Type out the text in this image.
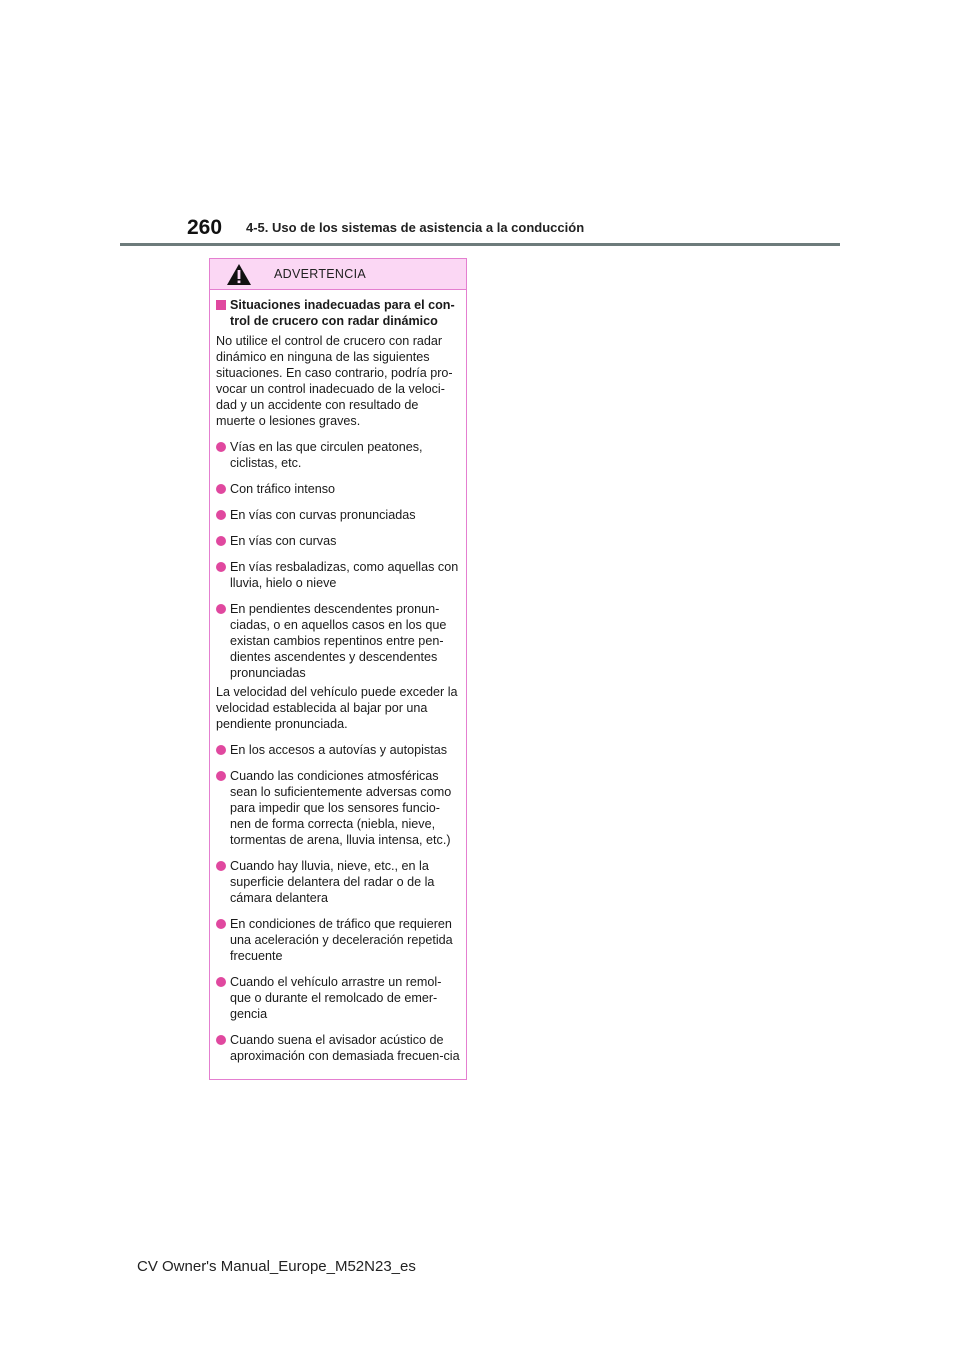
260 4-5. Uso de los sistemas de asistencia a la conducción
ADVERTENCIA
Situaciones inadecuadas para el con-trol de crucero con radar dinámico
No utilice el control de crucero con radar dinámico en ninguna de las siguientes situaciones. En caso contrario, podría pro-vocar un control inadecuado de la veloci-dad y un accidente con resultado de muerte o lesiones graves.
Vías en las que circulen peatones, ciclistas, etc.
Con tráfico intenso
En vías con curvas pronunciadas
En vías con curvas
En vías resbaladizas, como aquellas con lluvia, hielo o nieve
En pendientes descendentes pronun-ciadas, o en aquellos casos en los que existan cambios repentinos entre pen-dientes ascendentes y descendentes pronunciadas
La velocidad del vehículo puede exceder la velocidad establecida al bajar por una pendiente pronunciada.
En los accesos a autovías y autopistas
Cuando las condiciones atmosféricas sean lo suficientemente adversas como para impedir que los sensores funcio-nen de forma correcta (niebla, nieve, tormentas de arena, lluvia intensa, etc.)
Cuando hay lluvia, nieve, etc., en la superficie delantera del radar o de la cámara delantera
En condiciones de tráfico que requieren una aceleración y deceleración repetida frecuente
Cuando el vehículo arrastre un remol-que o durante el remolcado de emer-gencia
Cuando suena el avisador acústico de aproximación con demasiada frecuen-cia
CV Owner's Manual_Europe_M52N23_es
